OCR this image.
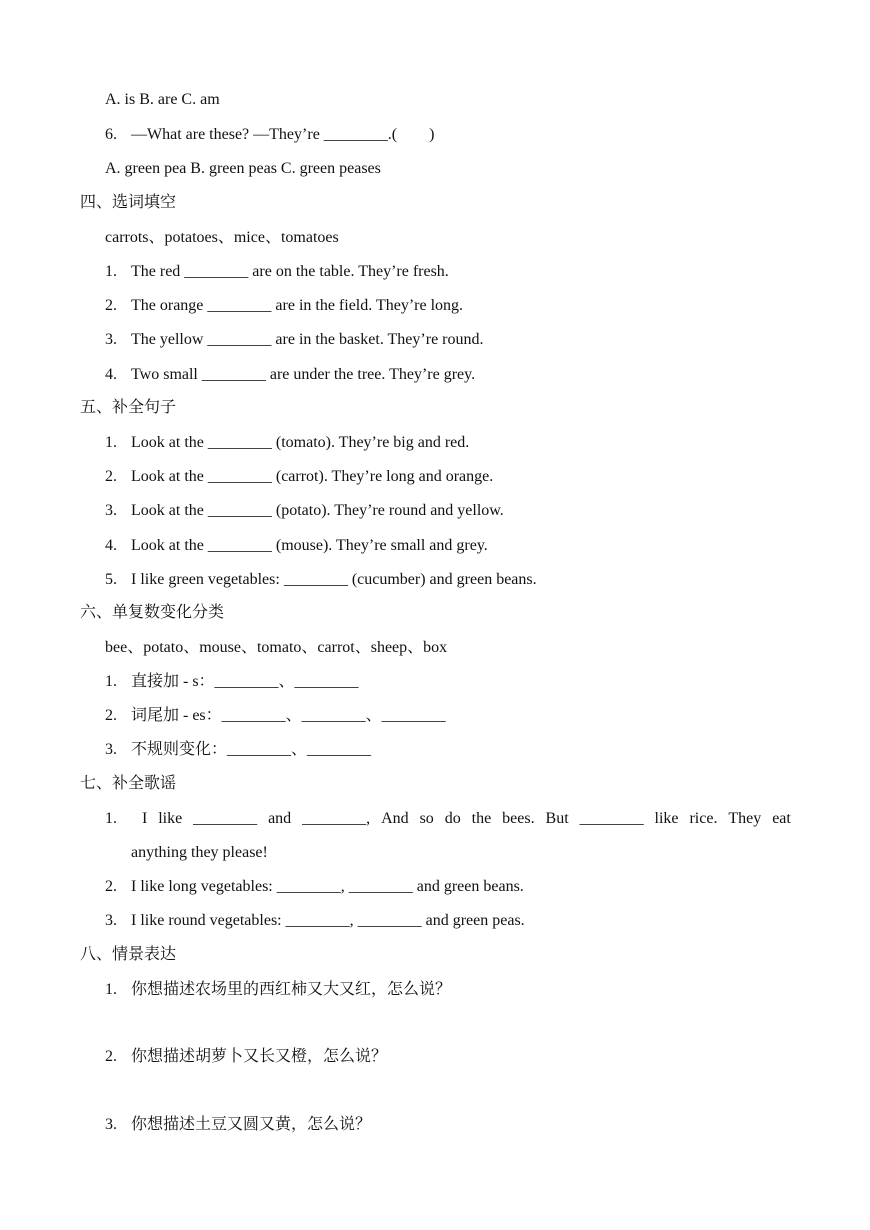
A. is B. are C. am
6. —What are these? —They’re ________.(        )
A. green pea B. green peas C. green peases
四、选词填空
carrots、potatoes、mice、tomatoes
1. The red ________ are on the table. They’re fresh.
2. The orange ________ are in the field. They’re long.
3. The yellow ________ are in the basket. They’re round.
4. Two small ________ are under the tree. They’re grey.
五、补全句子
1. Look at the ________ (tomato). They’re big and red.
2. Look at the ________ (carrot). They’re long and orange.
3. Look at the ________ (potato). They’re round and yellow.
4. Look at the ________ (mouse). They’re small and grey.
5. I like green vegetables: ________ (cucumber) and green beans.
六、单复数变化分类
bee、potato、mouse、tomato、carrot、sheep、box
1. 直接加 - s：________、________
2. 词尾加 - es：________、________、________
3. 不规则变化：________、________
七、补全歌谣
1.	I like ________ and ________, And so do the bees. But ________ like rice. They eat
anything they please!
2. I like long vegetables: ________, ________ and green beans.
3. I like round vegetables: ________, ________ and green peas.
八、情景表达
1. 你想描述农场里的西红柿又大又红，怎么说？
2. 你想描述胡萝卜又长又橙，怎么说？
3. 你想描述土豆又圆又黄，怎么说？
